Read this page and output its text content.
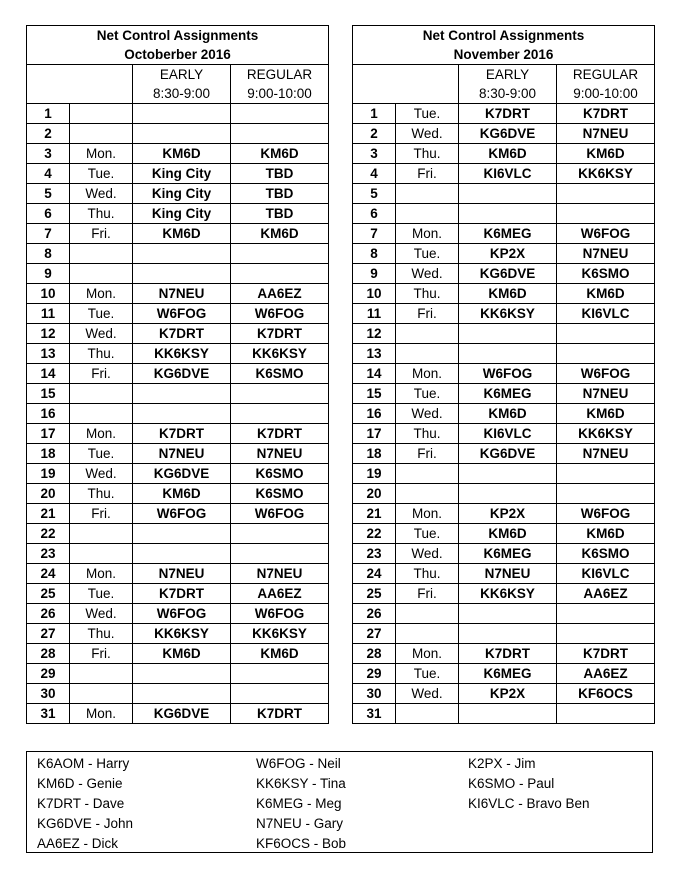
Net Control Assignments			
Octoberber 2016			
		EARLY	REGULAR
		8:30-9:00	9:00-10:00
1			
2			
3	Mon.	KM6D	KM6D
4	Tue.	King City	TBD
5	Wed.	King City	TBD
6	Thu.	King City	TBD
7	Fri.	KM6D	KM6D
8			
9			
10	Mon.	N7NEU	AA6EZ
11	Tue.	W6FOG	W6FOG
12	Wed.	K7DRT	K7DRT
13	Thu.	KK6KSY	KK6KSY
14	Fri.	KG6DVE	K6SMO
15			
16			
17	Mon.	K7DRT	K7DRT
18	Tue.	N7NEU	N7NEU
19	Wed.	KG6DVE	K6SMO
20	Thu.	KM6D	K6SMO
21	Fri.	W6FOG	W6FOG
22			
23			
24	Mon.	N7NEU	N7NEU
25	Tue.	K7DRT	AA6EZ
26	Wed.	W6FOG	W6FOG
27	Thu.	KK6KSY	KK6KSY
28	Fri.	KM6D	KM6D
29			
30			
31	Mon.	KG6DVE	K7DRT
Net Control Assignments			
November 2016			
		EARLY	REGULAR
		8:30-9:00	9:00-10:00
1	Tue.	K7DRT	K7DRT
2	Wed.	KG6DVE	N7NEU
3	Thu.	KM6D	KM6D
4	Fri.	KI6VLC	KK6KSY
5			
6			
7	Mon.	K6MEG	W6FOG
8	Tue.	KP2X	N7NEU
9	Wed.	KG6DVE	K6SMO
10	Thu.	KM6D	KM6D
11	Fri.	KK6KSY	KI6VLC
12			
13			
14	Mon.	W6FOG	W6FOG
15	Tue.	K6MEG	N7NEU
16	Wed.	KM6D	KM6D
17	Thu.	KI6VLC	KK6KSY
18	Fri.	KG6DVE	N7NEU
19			
20			
21	Mon.	KP2X	W6FOG
22	Tue.	KM6D	KM6D
23	Wed.	K6MEG	K6SMO
24	Thu.	N7NEU	KI6VLC
25	Fri.	KK6KSY	AA6EZ
26			
27			
28	Mon.	K7DRT	K7DRT
29	Tue.	K6MEG	AA6EZ
30	Wed.	KP2X	KF6OCS
31			
K6AOM - Harry
KM6D - Genie
K7DRT - Dave
KG6DVE - John
AA6EZ - Dick
W6FOG - Neil
KK6KSY - Tina
K6MEG - Meg
N7NEU - Gary
KF6OCS - Bob
K2PX - Jim
K6SMO - Paul
KI6VLC - Bravo Ben
